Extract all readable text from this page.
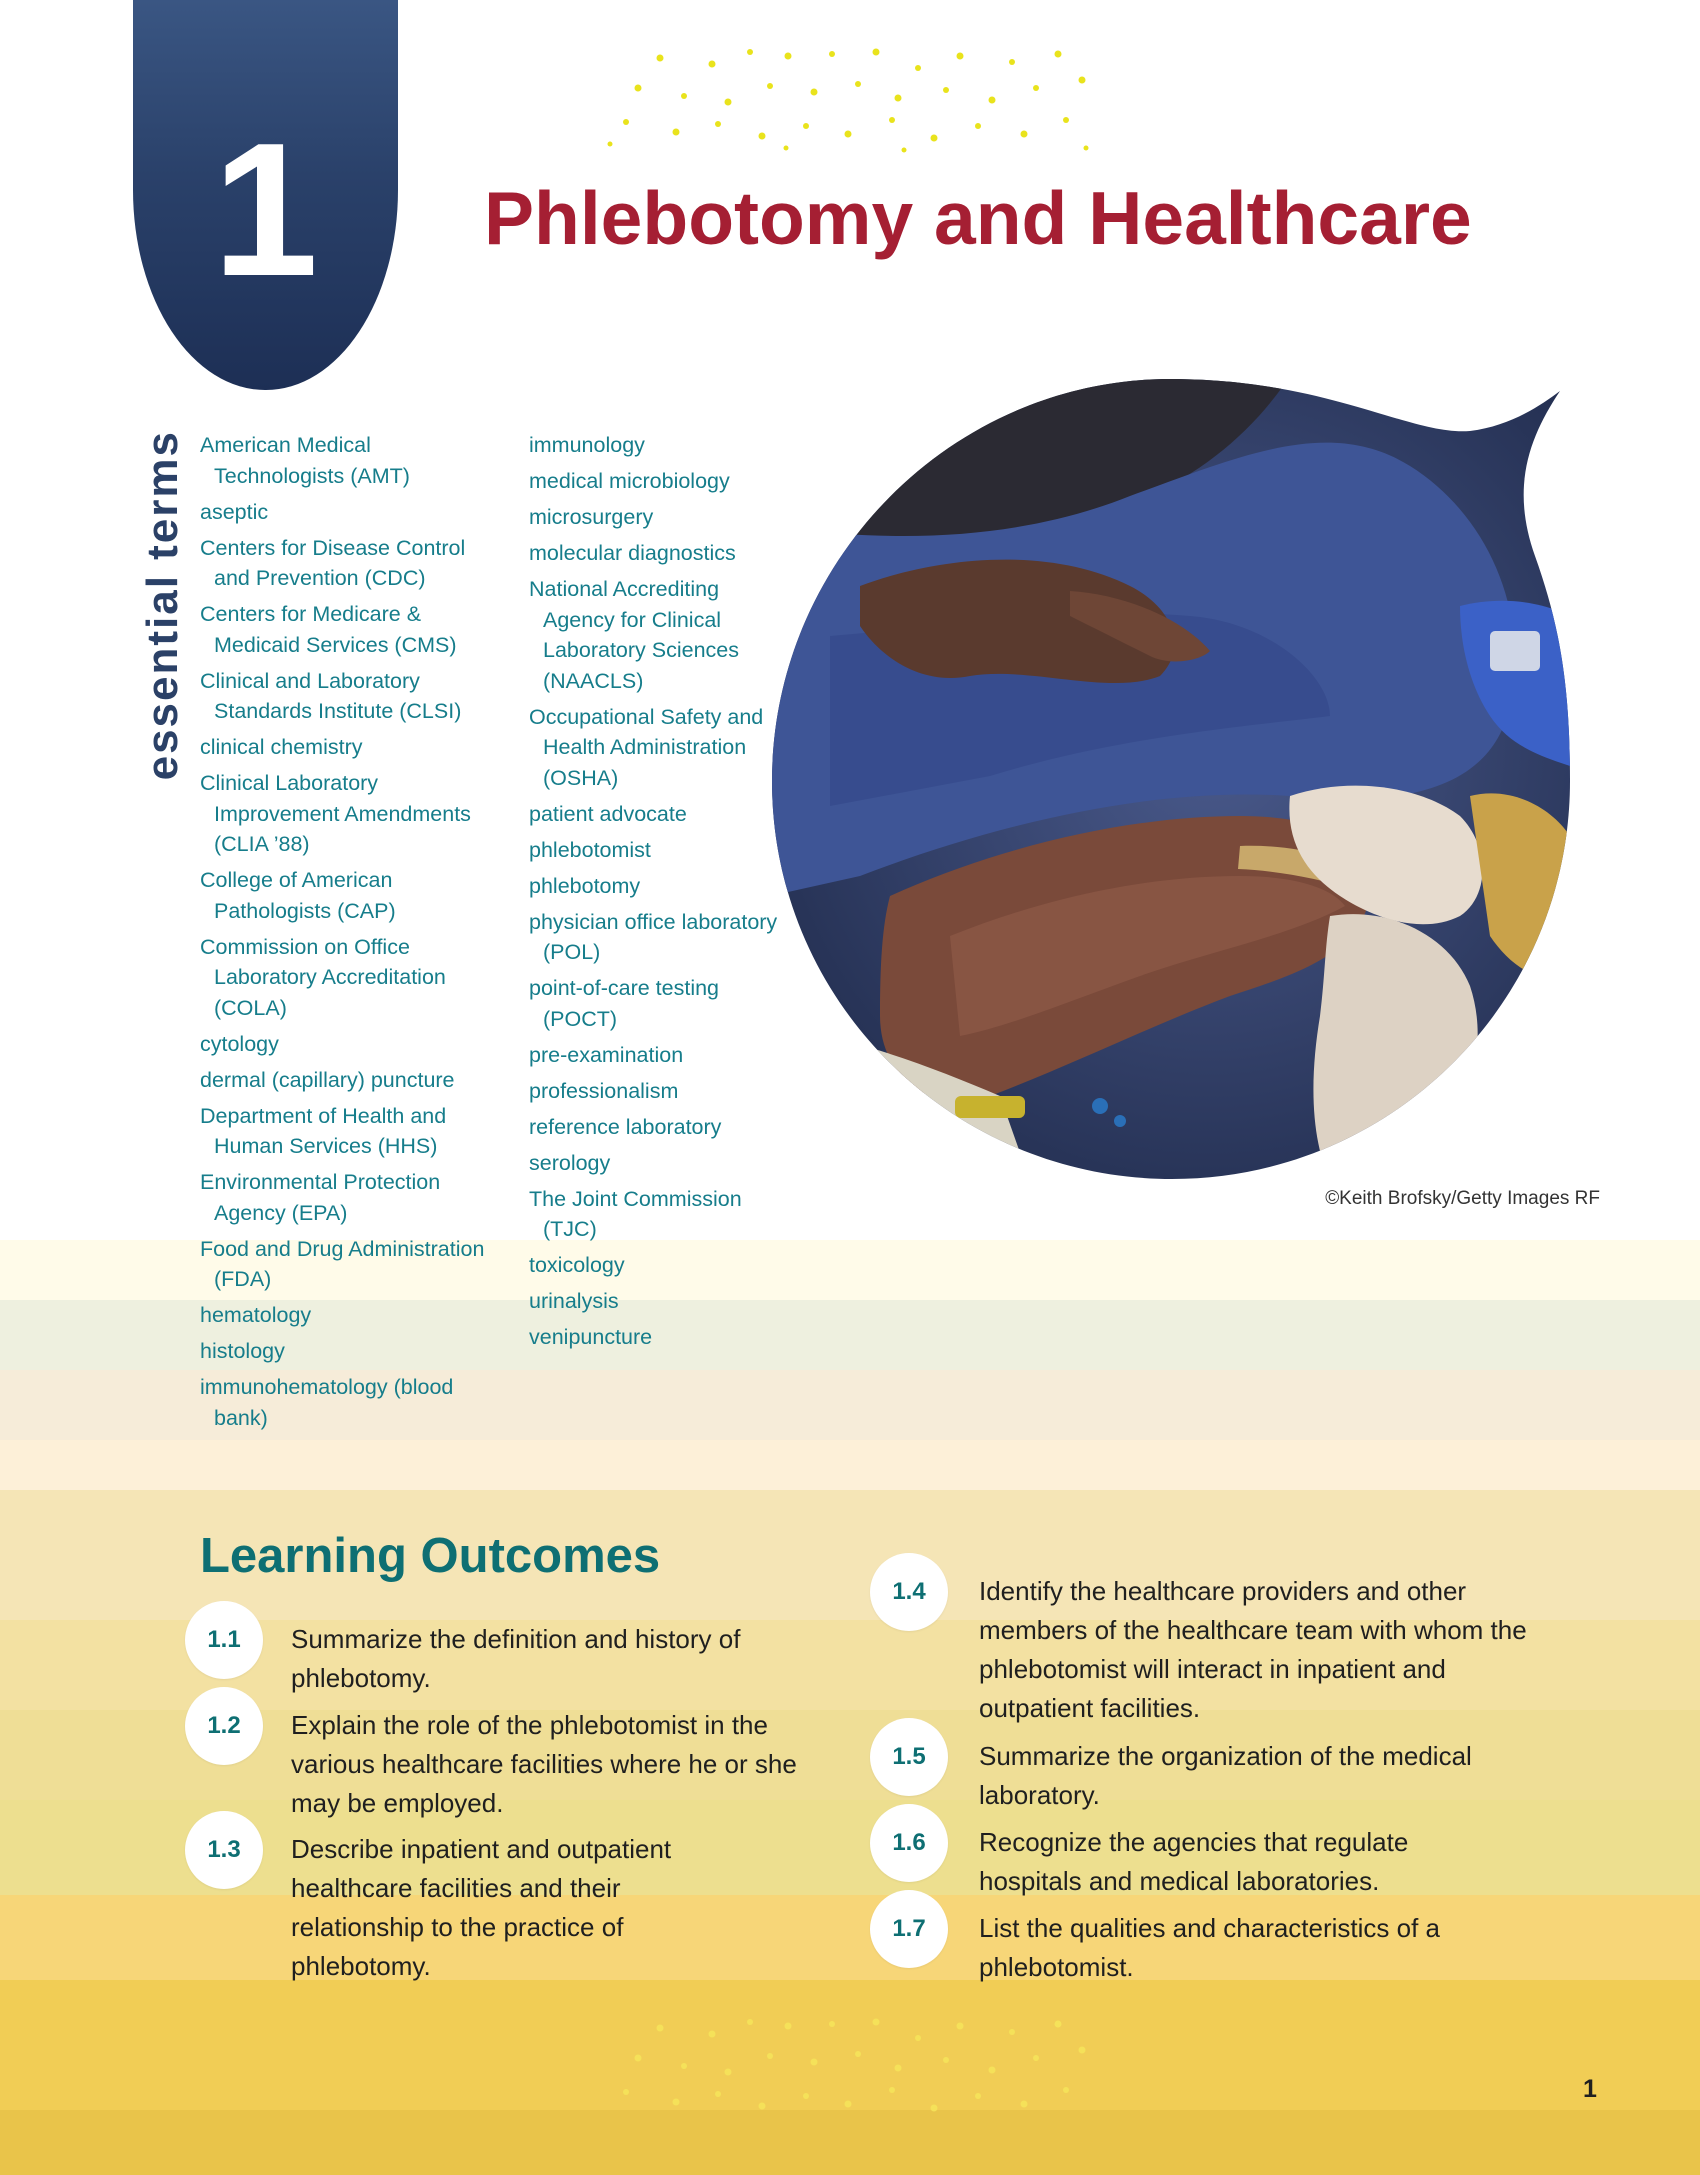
1	Phlebotomy and Healthcare
©Keith Brofsky/Getty Images RF
essential terms American Medical Technologists (AMT)
aseptic
Centers for Disease Control and Prevention (CDC)
Centers for Medicare & Medicaid Services (CMS)
Clinical and Laboratory Standards Institute (CLSI)
clinical chemistry
Clinical Laboratory Improvement Amendments (CLIA ’88)
College of American Pathologists (CAP)
Commission on Office Laboratory Accreditation (COLA)
cytology
dermal (capillary) puncture
Department of Health and Human Services (HHS)
Environmental Protection Agency (EPA)
Food and Drug Administration (FDA)
hematology
histology
immunohematology (blood bank)
immunology
medical microbiology
microsurgery
molecular diagnostics
National Accrediting Agency for Clinical Laboratory Sciences (NAACLS)
Occupational Safety and Health Administration (OSHA)
patient advocate
phlebotomist
phlebotomy
physician office laboratory (POL)
point-of-care testing (POCT)
pre-examination
professionalism
reference laboratory
serology
The Joint Commission (TJC)
toxicology
urinalysis
venipuncture
Learning Outcomes
1.1	Summarize the definition and history of phlebotomy.

1.2	Explain the role of the phlebotomist in the various healthcare facilities where he or she may be employed.

1.3	Describe inpatient and outpatient healthcare facilities and their relationship to the practice of phlebotomy.

1.4	Identify the healthcare providers and other members of the healthcare team with whom the phlebotomist will interact in inpatient and outpatient facilities.

1.5	Summarize the organization of the medical laboratory.

1.6	Recognize the agencies that regulate hospitals and medical laboratories.

1.7	List the qualities and characteristics of a phlebotomist.

1
